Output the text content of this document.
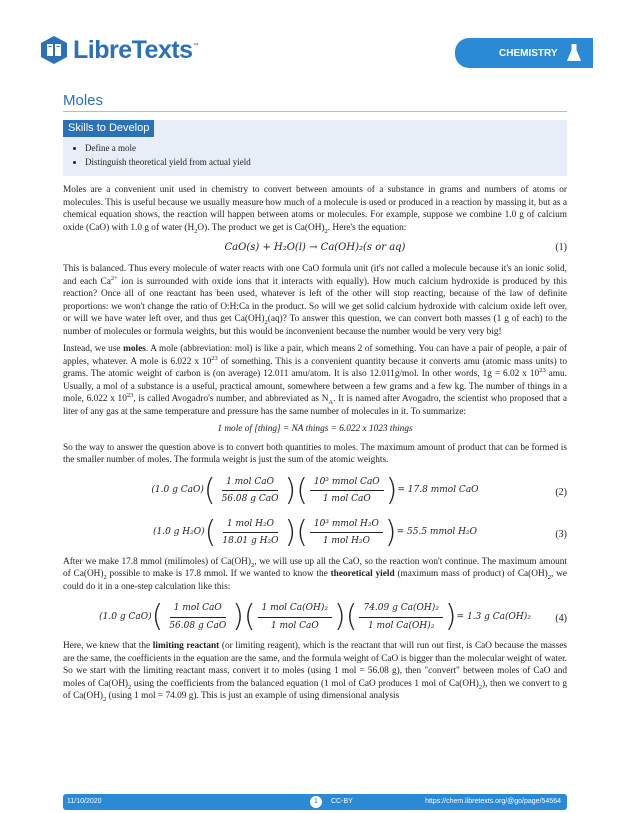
LibreTexts ™
CHEMISTRY
Moles
Skills to Develop
• Define a mole
• Distinguish theoretical yield from actual yield

Moles are a convenient unit used in chemistry to convert between amounts of a substance in grams and numbers of atoms or molecules. This is useful because we usually measure how much of a molecule is used or produced in a reaction by massing it, but as a chemical equation shows, the reaction will happen between atoms or molecules. For example, suppose we combine 1.0 g of calcium oxide (CaO) with 1.0 g of water $(H_2O)$. The product we get is $Ca(OH)_2$. Here's the equation:

CaO(s) + H₂O(l) → Ca(OH)₂(s or aq)	(1)

This is balanced. Thus every molecule of water reacts with one CaO formula unit (it's not called a molecule because it's an ionic solid, and each $Ca^{2+}$ ion is surrounded with oxide ions that it interacts with equally). How much calcium hydroxide is produced by this reaction? Once all of one reactant has been used, whatever is left of the other will stop reacting, because of the law of definite proportions: we won't change the ratio of O:H:Ca in the product. So will we get solid calcium hydroxide with calcium oxide left over, or will we have water left over, and thus get $Ca(OH)_2(aq)$? To answer this question, we can convert both masses (1 g of each) to the number of molecules or formula weights, but this would be inconvenient because the number would be very very big!

Instead, we use moles. A mole (abbreviation: mol) is like a pair, which means 2 of something. You can have a pair of people, a pair of apples, whatever. A mole is 6.022 x $10^{23}$ of something. This is a convenient quantity because it converts amu (atomic mass units) to grams. The atomic weight of carbon is (on average) 12.011 amu/atom. It is also 12.011g/mol. In other words, 1g = 6.02 x $10^{23}$ amu. Usually, a mol of a substance is a useful, practical amount, somewhere between a few grams and a few kg. The number of things in a mole, 6.022 x $10^{23}$, is called Avogadro's number, and abbreviated as $N_A$. It is named after Avogadro, the scientist who proposed that a liter of any gas at the same temperature and pressure has the same number of molecules in it. To summarize:

1 mole of [thing] = NA things = 6.022 x 1023 things

So the way to answer the question above is to convert both quantities to moles. The maximum amount of product that can be formed is the smaller number of moles. The formula weight is just the sum of the atomic weights.

(1.0 g CaO) ( $\frac{\text{1 mol CaO}}{\text{56.08 g CaO}}$ ) ( $\frac{\text{10³ mmol CaO}}{\text{1 mol CaO}}$ ) = 17.8 mmol CaO	(2)
(1.0 g H₂O) ( $\frac{\text{1 mol H₂O}}{\text{18.01 g H₂O}}$ ) ( $\frac{\text{10³ mmol H₂O}}{\text{1 mol H₂O}}$ ) = 55.5 mmol H₂O	(3)

After we make 17.8 mmol (milimoles) of $Ca(OH)_2$, we will use up all the CaO, so the reaction won't continue. The maximum amount of $Ca(OH)_2$ possible to make is 17.8 mmol. If we wanted to know the theoretical yield (maximum mass of product) of $Ca(OH)_2$, we could do it in a one-step calculation like this:

(1.0 g CaO) ( $\frac{\text{1 mol CaO}}{\text{56.08 g CaO}}$ ) ( $\frac{\text{1 mol Ca(OH)₂}}{\text{1 mol CaO}}$ ) ( $\frac{\text{74.09 g Ca(OH)₂}}{\text{1 mol Ca(OH)₂}}$ ) = 1.3 g Ca(OH)₂ (4)

Here, we knew that the limiting reactant (or limiting reagent), which is the reactant that will run out first, is CaO because the masses are the same, the coefficients in the equation are the same, and the formula weight of CaO is bigger than the molecular weight of water. So we start with the limiting reactant mass, convert it to moles (using 1 mol = 56.08 g), then "convert" between moles of CaO and moles of $Ca(OH)_2$ using the coefficients from the balanced equation (1 mol of CaO produces 1 mol of $Ca(OH)_2$), then we convert to g of $Ca(OH)_2$ (using 1 mol = 74.09 g). This is just an example of using dimensional analysis

11/10/2020	1	CC-BY	https://chem.libretexts.org/@go/page/54564
